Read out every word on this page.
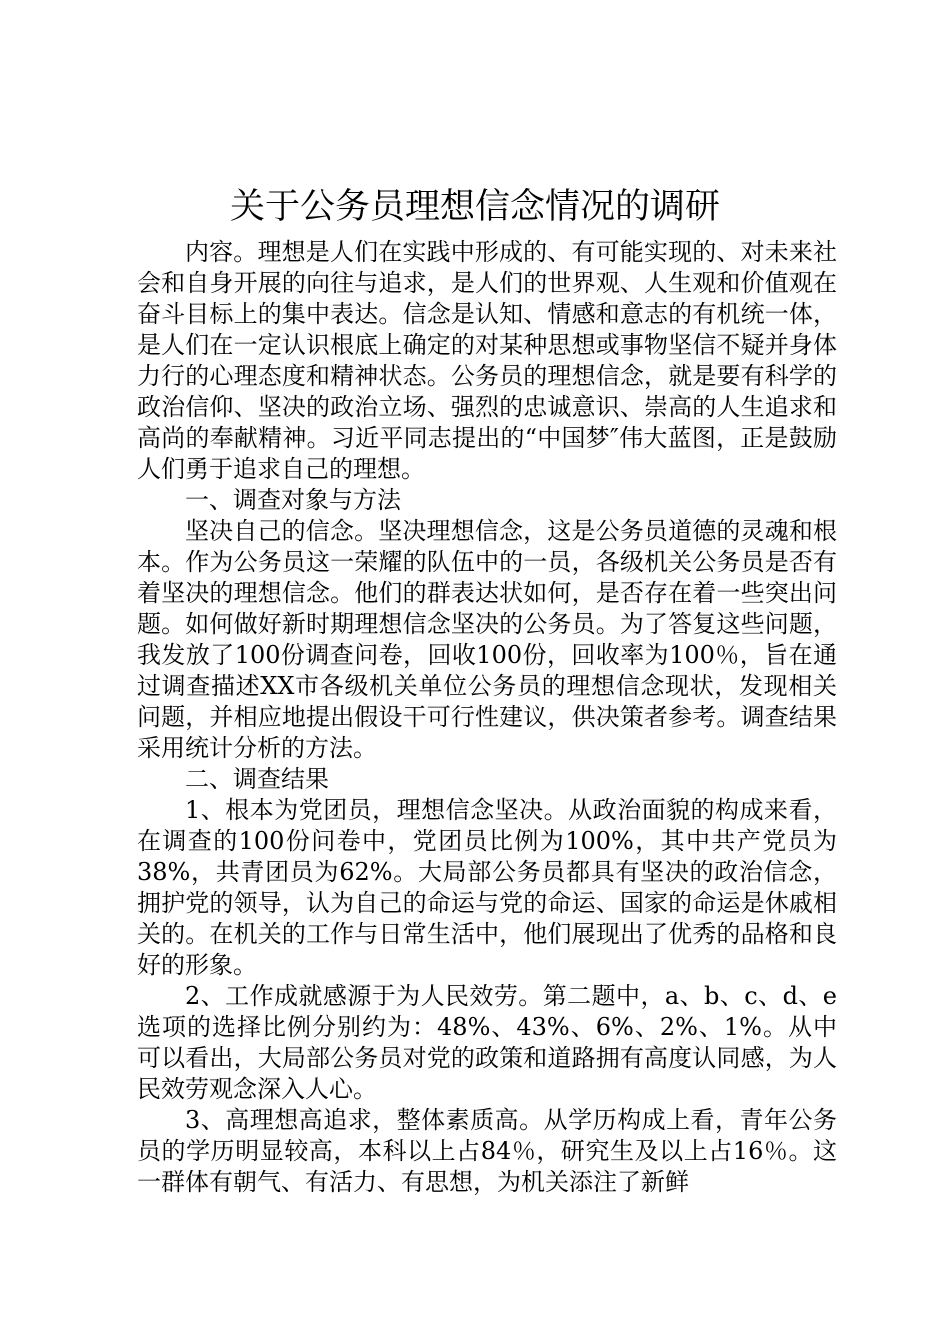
关于公务员理想信念情况的调研

内容。理想是人们在实践中形成的、有可能实现的、对未来社会和自身开展的向往与追求，是人们的世界观、人生观和价值观在奋斗目标上的集中表达。信念是认知、情感和意志的有机统一体，是人们在一定认识根底上确定的对某种思想或事物坚信不疑并身体力行的心理态度和精神状态。公务员的理想信念，就是要有科学的政治信仰、坚决的政治立场、强烈的忠诚意识、崇高的人生追求和高尚的奉献精神。习近平同志提出的“中国梦″伟大蓝图，正是鼓励人们勇于追求自己的理想。

一、调查对象与方法

坚决自己的信念。坚决理想信念，这是公务员道德的灵魂和根本。作为公务员这一荣耀的队伍中的一员，各级机关公务员是否有着坚决的理想信念。他们的群表达状如何，是否存在着一些突出问题。如何做好新时期理想信念坚决的公务员。为了答复这些问题，我发放了100份调查问卷，回收100份，回收率为100％，旨在通过调查描述XX市各级机关单位公务员的理想信念现状，发现相关问题，并相应地提出假设干可行性建议，供决策者参考。调查结果采用统计分析的方法。

二、调查结果

1、根本为党团员，理想信念坚决。从政治面貌的构成来看，在调查的100份问卷中，党团员比例为100%，其中共产党员为38%，共青团员为62%。大局部公务员都具有坚决的政治信念，拥护党的领导，认为自己的命运与党的命运、国家的命运是休戚相关的。在机关的工作与日常生活中，他们展现出了优秀的品格和良好的形象。

2、工作成就感源于为人民效劳。第二题中，a、b、c、d、e选项的选择比例分别约为：48%、43%、6%、2%、1%。从中可以看出，大局部公务员对党的政策和道路拥有高度认同感，为人民效劳观念深入人心。

3、高理想高追求，整体素质高。从学历构成上看，青年公务员的学历明显较高，本科以上占84％，研究生及以上占16％。这一群体有朝气、有活力、有思想，为机关添注了新鲜
